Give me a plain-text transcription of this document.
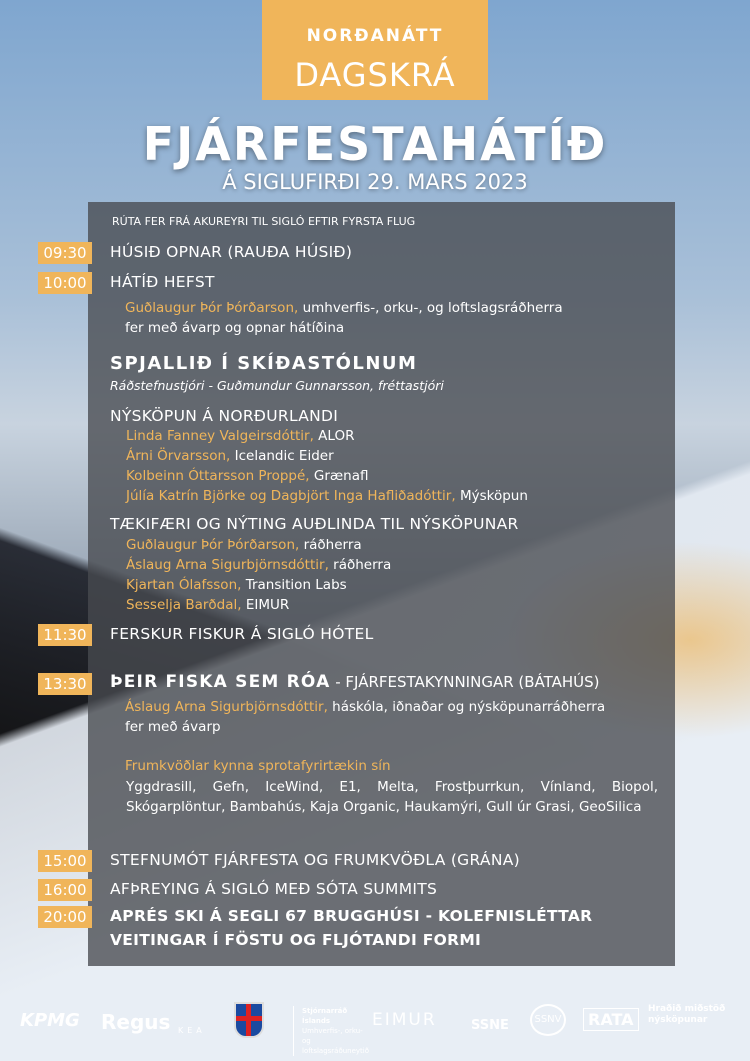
NORÐANÁTT
DAGSKRÁ
FJÁRFESTAHÁTÍÐ
Á SIGLUFIRÐI 29. MARS 2023
RÚTA FER FRÁ AKUREYRI TIL SIGLÓ EFTIR FYRSTA FLUG
09:30	HÚSIÐ OPNAR (RAUÐA HÚSIÐ)
10:00	HÁTÍÐ HEFST
Guðlaugur Þór Þórðarson, umhverfis-, orku-, og loftslagsráðherra
fer með ávarp og opnar hátíðina
SPJALLIÐ Í SKÍÐASTÓLNUM
Ráðstefnustjóri - Guðmundur Gunnarsson, fréttastjóri
NÝSKÖPUN Á NORÐURLANDI
Linda Fanney Valgeirsdóttir, ALOR
Árni Örvarsson, Icelandic Eider
Kolbeinn Óttarsson Proppé, Grænafl
Júlía Katrín Björke og Dagbjört Inga Hafliðadóttir, Mýsköpun
TÆKIFÆRI OG NÝTING AUÐLINDA TIL NÝSKÖPUNAR
Guðlaugur Þór Þórðarson, ráðherra
Áslaug Arna Sigurbjörnsdóttir, ráðherra
Kjartan Ólafsson, Transition Labs
Sesselja Barðdal, EIMUR
11:30	FERSKUR FISKUR Á SIGLÓ HÓTEL
13:30	ÞEIR FISKA SEM RÓA - FJÁRFESTAKYNNINGAR (BÁTAHÚS)
Áslaug Arna Sigurbjörnsdóttir, háskóla, iðnaðar og nýsköpunarráðherra
fer með ávarp
Frumkvöðlar kynna sprotafyrirtækin sín
Yggdrasill, Gefn, IceWind, E1, Melta, Frostþurrkun, Vínland, Biopol, Skógarplöntur, Bambahús, Kaja Organic, Haukamýri, Gull úr Grasi, GeoSilica
15:00	STEFNUMÓT FJÁRFESTA OG FRUMKVÖÐLA (GRÁNA)
16:00	AFÞREYING Á SIGLÓ MEÐ SÓTA SUMMITS
20:00	APRÉS SKI Á SEGLI 67 BRUGGHÚSI - KOLEFNISLÉTTAR
VEITINGAR Í FÖSTU OG FLJÓTANDI FORMI
KPMG Regus KEA
Stjórnarráð Íslands
Umhverfis-, orku- og loftslagsráðuneytið
EIMUR	SSNE	SSNV	RATA
Hraðið miðstöð nýsköpunar
